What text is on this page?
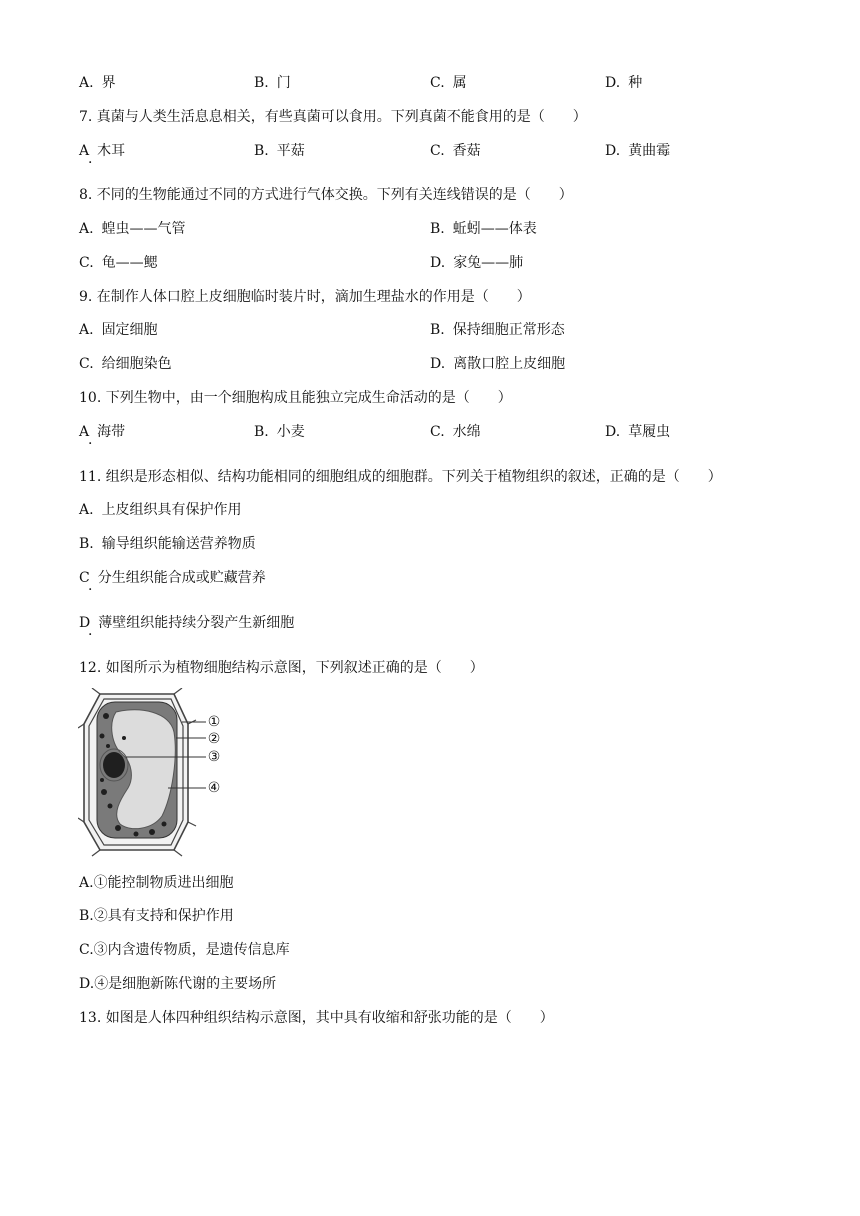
A. 界	B. 门	C. 属	D. 种
7. 真菌与人类生活息息相关，有些真菌可以食用。下列真菌不能食用的是（　　）
A · 木耳	B. 平菇	C. 香菇	D. 黄曲霉
8. 不同的生物能通过不同的方式进行气体交换。下列有关连线错误的是（　　）
A. 蝗虫——气管	B. 蚯蚓——体表
C. 龟——鳃	D. 家兔——肺
9. 在制作人体口腔上皮细胞临时装片时，滴加生理盐水的作用是（　　）
A. 固定细胞	B. 保持细胞正常形态
C. 给细胞染色	D. 离散口腔上皮细胞
10. 下列生物中，由一个细胞构成且能独立完成生命活动的是（　　）
A · 海带	B. 小麦	C. 水绵	D. 草履虫
11. 组织是形态相似、结构功能相同的细胞组成的细胞群。下列关于植物组织的叙述，正确的是（　　）
A. 上皮组织具有保护作用
B. 输导组织能输送营养物质
C · 分生组织能合成或贮藏营养
D · 薄壁组织能持续分裂产生新细胞
12. 如图所示为植物细胞结构示意图，下列叙述正确的是（　　）
①
②
③
④
A.①能控制物质进出细胞
B.②具有支持和保护作用
C.③内含遗传物质，是遗传信息库
D.④是细胞新陈代谢的主要场所
13. 如图是人体四种组织结构示意图，其中具有收缩和舒张功能的是（　　）
